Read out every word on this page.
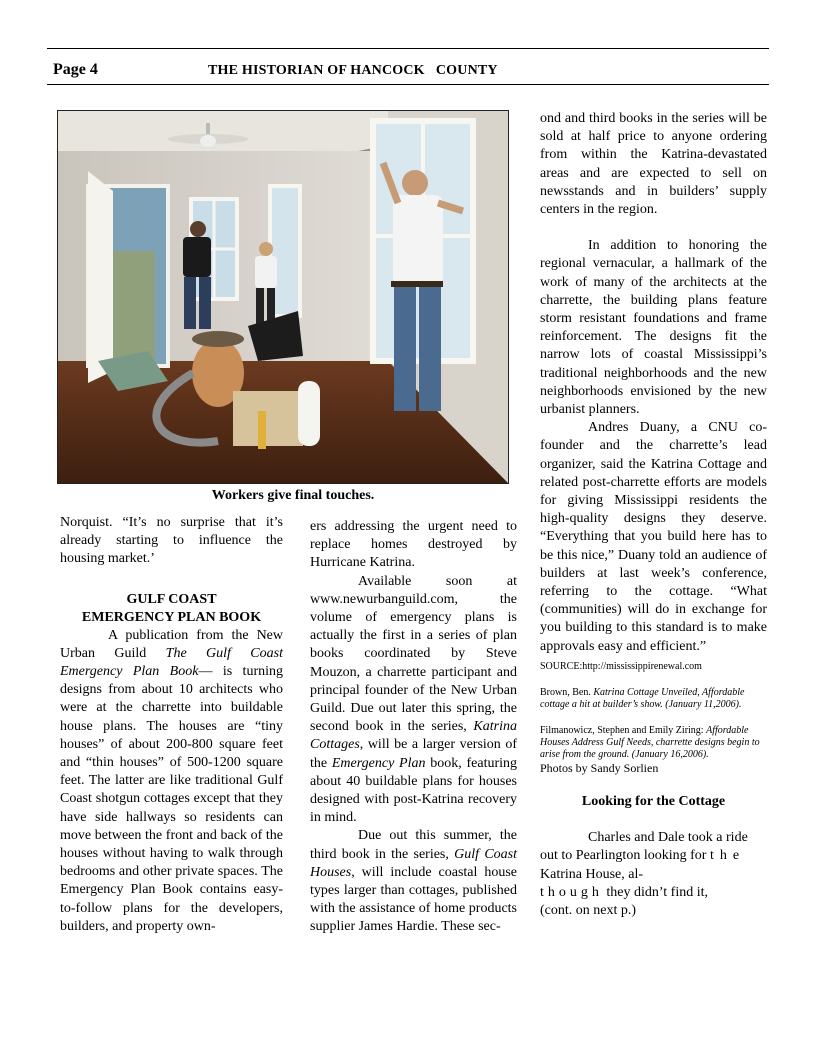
Page 4	THE HISTORIAN OF HANCOCK   COUNTY
Workers give final touches.

Norquist. “It’s no surprise that it’s already starting to influence the housing market.’

GULF COAST
EMERGENCY PLAN BOOK

A publication from the New Urban Guild The Gulf Coast Emergency Plan Book— is turning designs from about 10 architects who were at the charrette into buildable house plans. The houses are “tiny houses” of about 200-800 square feet and “thin houses” of 500-1200 square feet. The latter are like traditional Gulf Coast shotgun cottages except that they have side hallways so residents can move between the front and back of the houses without having to walk through bedrooms and other private spaces. The Emergency Plan Book contains easy-to-follow plans for the developers, builders, and property own-

ers addressing the urgent need to replace homes destroyed by Hurricane Katrina.

Available soon at www.newurbanguild.com, the volume of emergency plans is actually the first in a series of plan books coordinated by Steve Mouzon, a charrette participant and principal founder of the New Urban Guild. Due out later this spring, the second book in the series, Katrina Cottages, will be a larger version of the Emergency Plan book, featuring about 40 buildable plans for houses designed with post-Katrina recovery in mind.

Due out this summer, the third book in the series, Gulf Coast Houses, will include coastal house types larger than cottages, published with the assistance of home products supplier James Hardie. These sec-

ond and third books in the series will be sold at half price to anyone ordering from within the Katrina-devastated areas and are expected to sell on newsstands and in builders’ supply centers in the region.

In addition to honoring the regional vernacular, a hallmark of the work of many of the architects at the charrette, the building plans feature storm resistant foundations and frame reinforcement. The designs fit the narrow lots of coastal Mississippi’s traditional neighborhoods and the new neighborhoods envisioned by the new urbanist planners.

Andres Duany, a CNU co-founder and the charrette’s lead organizer, said the Katrina Cottage and related post-charrette efforts are models for giving Mississippi residents the high-quality designs they deserve. “Everything that you build here has to be this nice,” Duany told an audience of builders at last week’s conference, referring to the cottage. “What (communities) will do in exchange for you building to this standard is to make approvals easy and efficient.”

SOURCE:http://mississippirenewal.com

Brown, Ben. Katrina Cottage Unveiled, Affordable cottage a hit at builder’s show. (January 11,2006).

Filmanowicz, Stephen and Emily Ziring: Affordable Houses Address Gulf Needs, charrette designs begin to arise from the ground. (January 16,2006).

Photos by Sandy Sorlien

Looking for the Cottage

Charles and Dale took a ride out to Pearlington looking for the Katrina House, al-
though they didn’t find it,

(cont. on next p.)
